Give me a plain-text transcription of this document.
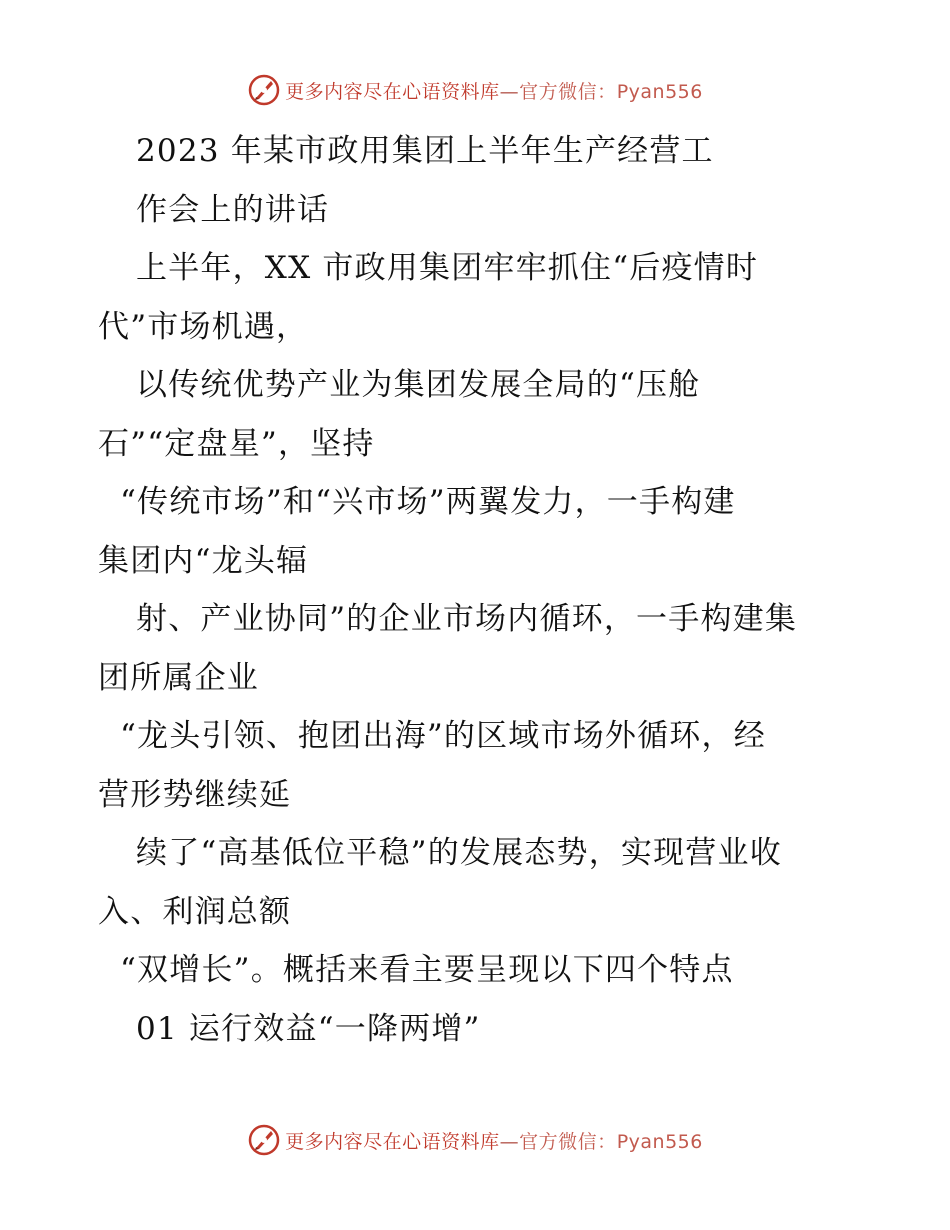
更多内容尽在心语资料库—官方微信：Pyan556
2023 年某市政用集团上半年生产经营工
作会上的讲话
上半年，XX 市政用集团牢牢抓住“后疫情时
代”市场机遇，
以传统优势产业为集团发展全局的“压舱
石”“定盘星”，坚持
“传统市场”和“兴市场”两翼发力，一手构建
集团内“龙头辐
射、产业协同”的企业市场内循环，一手构建集
团所属企业
“龙头引领、抱团出海”的区域市场外循环，经
营形势继续延
续了“高基低位平稳”的发展态势，实现营业收
入、利润总额
“双增长”。概括来看主要呈现以下四个特点
01 运行效益“一降两增”
更多内容尽在心语资料库—官方微信：Pyan556
